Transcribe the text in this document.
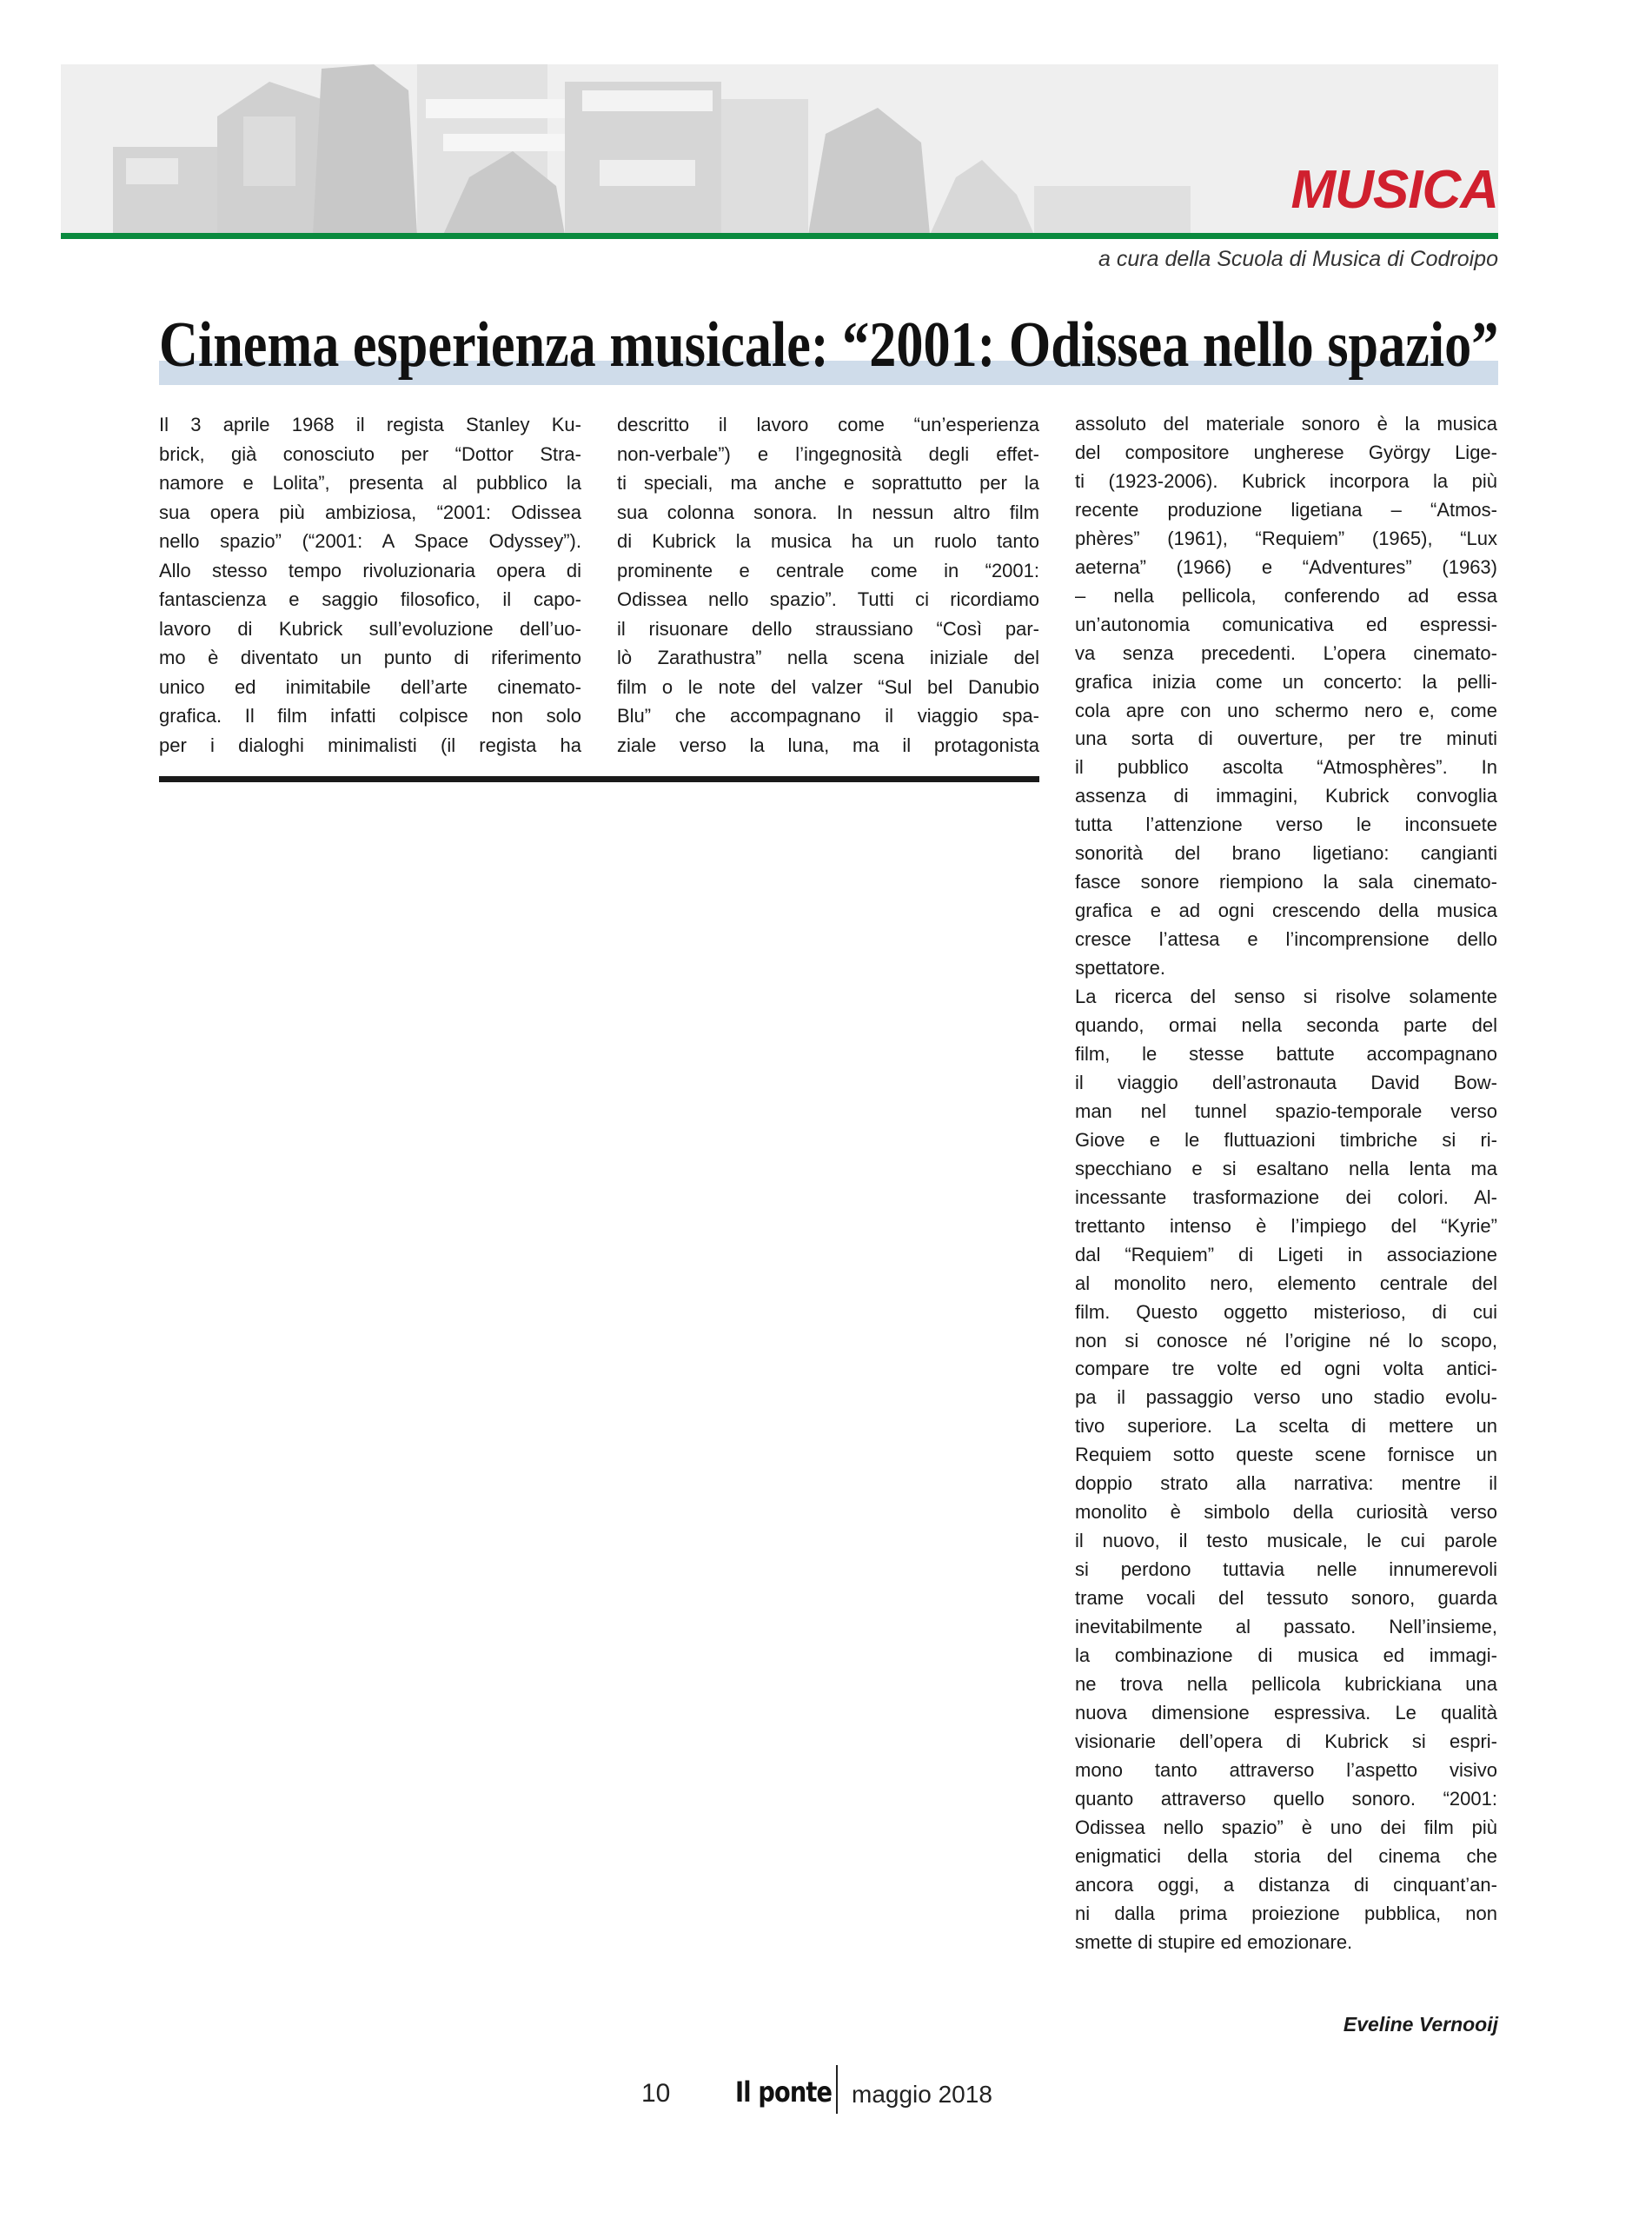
MUSICA
a cura della Scuola di Musica di Codroipo
Cinema esperienza musicale: “2001: Odissea nello spazio”
Il 3 aprile 1968 il regista Stanley Ku-
brick, già conosciuto per “Dottor Stra-
namore e Lolita”, presenta al pubblico la
sua opera più ambiziosa, “2001: Odissea
nello spazio” (“2001: A Space Odyssey”).
Allo stesso tempo rivoluzionaria opera di
fantascienza e saggio filosofico, il capo-
lavoro di Kubrick sull’evoluzione dell’uo-
mo è diventato un punto di riferimento
unico ed inimitabile dell’arte cinemato-
grafica. Il film infatti colpisce non solo
per i dialoghi minimalisti (il regista ha
descritto il lavoro come “un’esperienza
non-verbale”) e l’ingegnosità degli effet-
ti speciali, ma anche e soprattutto per la
sua colonna sonora. In nessun altro film
di Kubrick la musica ha un ruolo tanto
prominente e centrale come in “2001:
Odissea nello spazio”. Tutti ci ricordiamo
il risuonare dello straussiano “Così par-
lò Zarathustra” nella scena iniziale del
film o le note del valzer “Sul bel Danubio
Blu” che accompagnano il viaggio spa-
ziale verso la luna, ma il protagonista
assoluto del materiale sonoro è la musica
del compositore ungherese György Lige-
ti (1923-2006). Kubrick incorpora la più
recente produzione ligetiana – “Atmos-
phères” (1961), “Requiem” (1965), “Lux
aeterna” (1966) e “Adventures” (1963)
– nella pellicola, conferendo ad essa
un’autonomia comunicativa ed espressi-
va senza precedenti. L’opera cinemato-
grafica inizia come un concerto: la pelli-
cola apre con uno schermo nero e, come
una sorta di ouverture, per tre minuti
il pubblico ascolta “Atmosphères”. In
assenza di immagini, Kubrick convoglia
tutta l’attenzione verso le inconsuete
sonorità del brano ligetiano: cangianti
fasce sonore riempiono la sala cinemato-
grafica e ad ogni crescendo della musica
cresce l’attesa e l’incomprensione dello
spettatore.
La ricerca del senso si risolve solamente
quando, ormai nella seconda parte del
film, le stesse battute accompagnano
il viaggio dell’astronauta David Bow-
man nel tunnel spazio-temporale verso
Giove e le fluttuazioni timbriche si ri-
specchiano e si esaltano nella lenta ma
incessante trasformazione dei colori. Al-
trettanto intenso è l’impiego del “Kyrie”
dal “Requiem” di Ligeti in associazione
al monolito nero, elemento centrale del
film. Questo oggetto misterioso, di cui
non si conosce né l’origine né lo scopo,
compare tre volte ed ogni volta antici-
pa il passaggio verso uno stadio evolu-
tivo superiore. La scelta di mettere un
Requiem sotto queste scene fornisce un
doppio strato alla narrativa: mentre il
monolito è simbolo della curiosità verso
il nuovo, il testo musicale, le cui parole
si perdono tuttavia nelle innumerevoli
trame vocali del tessuto sonoro, guarda
inevitabilmente al passato. Nell’insieme,
la combinazione di musica ed immagi-
ne trova nella pellicola kubrickiana una
nuova dimensione espressiva. Le qualità
visionarie dell’opera di Kubrick si espri-
mono tanto attraverso l’aspetto visivo
quanto attraverso quello sonoro. “2001:
Odissea nello spazio” è uno dei film più
enigmatici della storia del cinema che
ancora oggi, a distanza di cinquant’an-
ni dalla prima proiezione pubblica, non
smette di stupire ed emozionare.
Eveline Vernooij
10 Il ponte maggio 2018
